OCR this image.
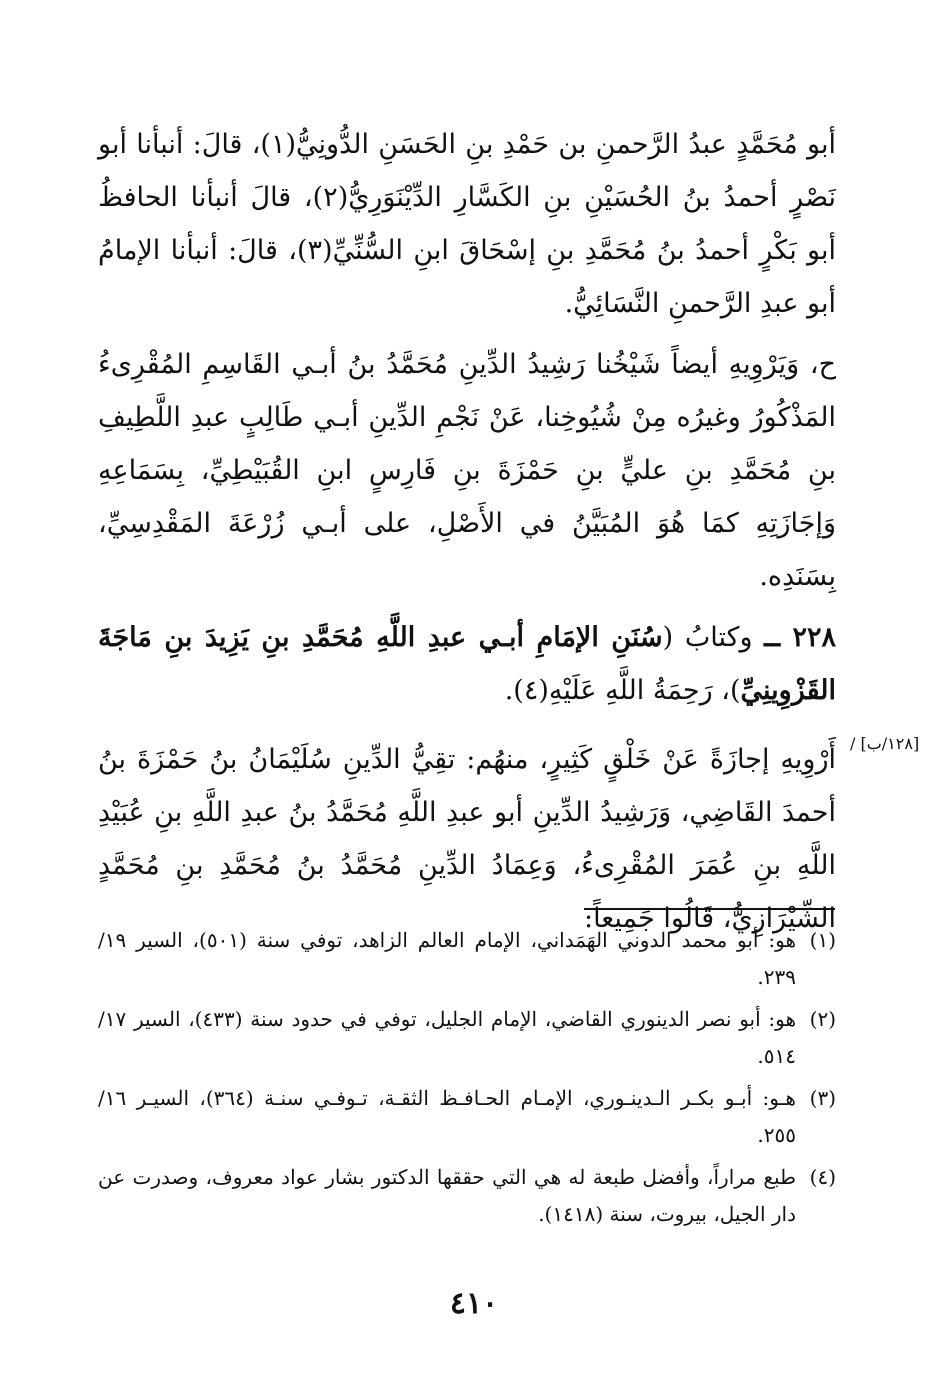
أبو مُحَمَّدٍ عبدُ الرَّحمنِ بن حَمْدِ بنِ الحَسَنِ الدُّونِيُّ(١)، قالَ: أنبأنا أبو نَصْرٍ أحمدُ بنُ الحُسَيْنِ بنِ الكَسَّارِ الدِّيْنَوَرِيُّ(٢)، قالَ أنبأنا الحافظُ أبو بَكْرٍ أحمدُ بنُ مُحَمَّدِ بنِ إسْحَاقَ ابنِ السُّنِّيِّ(٣)، قالَ: أنبأنا الإمامُ أبو عبدِ الرَّحمنِ النَّسَائِيُّ.

ح، وَيَرْوِيهِ أيضاً شَيْخُنا رَشِيدُ الدِّينِ مُحَمَّدُ بنُ أبـي القَاسِمِ المُقْرِىءُ المَذْكُورُ وغيرُه مِنْ شُيُوخِنا، عَنْ نَجْمِ الدِّينِ أبـي طَالِبٍ عبدِ اللَّطِيفِ بنِ مُحَمَّدِ بنِ عليٍّ بنِ حَمْزَةَ بنِ فَارِسٍ ابنِ القُبَيْطِيِّ، بِسَمَاعِهِ وَإجَازَتِهِ كمَا هُوَ المُبَيَّنُ في الأَصْلِ، على أبـي زُرْعَةَ المَقْدِسِيِّ، بِسَنَدِه.

٢٢٨ ــ وكتابُ (سُنَنِ الإمَامِ أبـي عبدِ اللَّهِ مُحَمَّدِ بنِ يَزِيدَ بنِ مَاجَةَ القَزْوِينِيِّ)، رَحِمَةُ اللَّهِ عَلَيْهِ(٤).

أَرْوِيهِ إجازَةً عَنْ خَلْقٍ كَثِيرٍ، منهُم: تقِيُّ الدِّينِ سُلَيْمَانُ بنُ حَمْزَةَ بنُ أحمدَ القَاضِي، وَرَشِيدُ الدِّينِ أبو عبدِ اللَّهِ مُحَمَّدُ بنُ عبدِ اللَّهِ بنِ عُبَيْدِ اللَّهِ بنِ عُمَرَ المُقْرِىءُ، وَعِمَادُ الدِّينِ مُحَمَّدُ بنُ مُحَمَّدِ بنِ مُحَمَّدٍ الشِّيْرَازِيُّ، قَالُوا جَمِيعاً:

[١٢٨/ب] /
(١)
هو: أبو محمد الدوني الهَمَداني، الإمام العالم الزاهد، توفي سنة (٥٠١)، السير ١٩/ ٢٣٩.
(٢)
هو: أبو نصر الدينوري القاضي، الإمام الجليل، توفي في حدود سنة (٤٣٣)، السير ١٧/ ٥١٤.
(٣)
هـو: أبـو بكـر الـدينـوري، الإمـام الحـافـظ الثقـة، تـوفـي سنـة (٣٦٤)، السيـر ١٦/ ٢٥٥.
(٤)
طبع مراراً، وأفضل طبعة له هي التي حققها الدكتور بشار عواد معروف، وصدرت عن دار الجيل، بيروت، سنة (١٤١٨).
٤١٠
